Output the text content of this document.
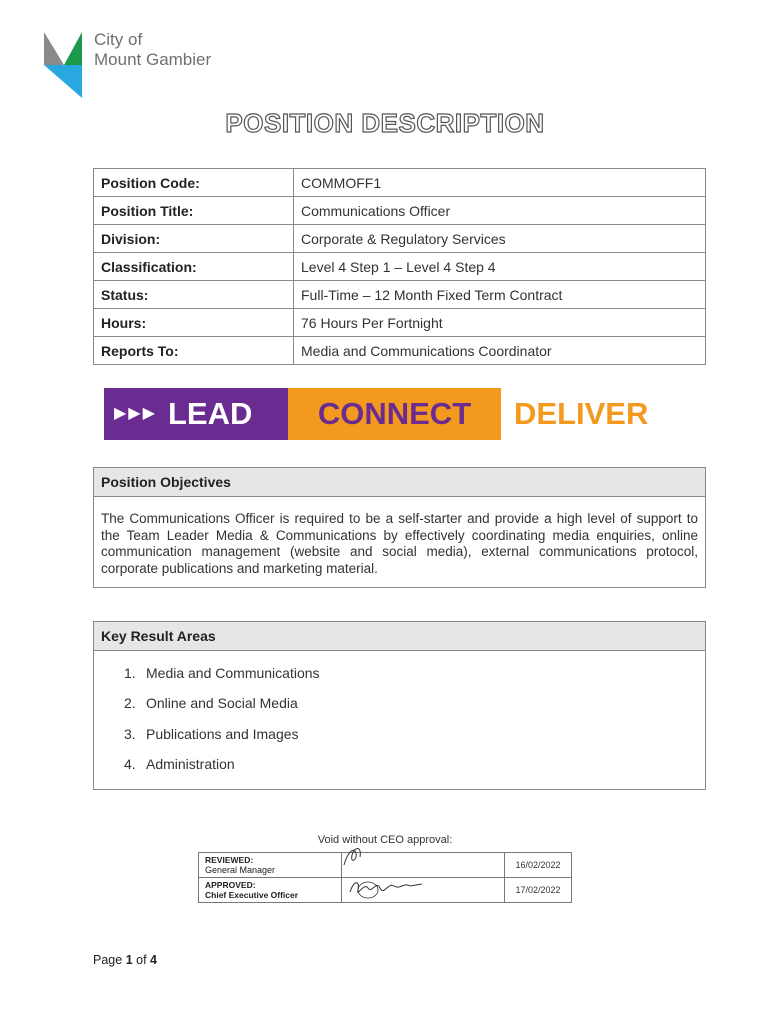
City of
Mount Gambier
POSITION DESCRIPTION
Position Code:	COMMOFF1
Position Title:	Communications Officer
Division:	Corporate & Regulatory Services
Classification:	Level 4 Step 1 – Level 4 Step 4
Status:	Full-Time – 12 Month Fixed Term Contract
Hours:	76 Hours Per Fortnight
Reports To:	Media and Communications Coordinator
▶▶▶ LEAD	CONNECT	DELIVER
Position Objectives
The Communications Officer is required to be a self-starter and provide a high level of support to the Team Leader Media & Communications by effectively coordinating media enquiries, online communication management (website and social media), external communications protocol, corporate publications and marketing material.
Key Result Areas
1. Media and Communications
2. Online and Social Media
3. Publications and Images
4. Administration
Void without CEO approval:
REVIEWED:
General Manager		16/02/2022

APPROVED:
Chief Executive Officer		17/02/2022
Page 1 of 4
